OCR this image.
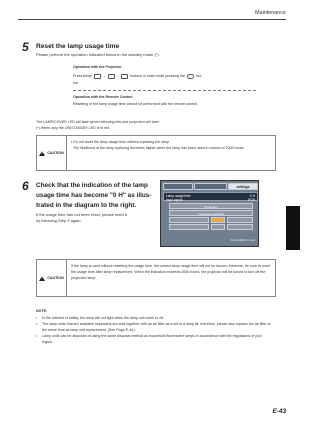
Maintenance
5 Reset the lamp usage time
Please perform the operation indicated below in the standby mode (*).
Operation with the Projector
Press these	→	→	buttons in order while pressing the	but-
ton.
Operation with the Remote Control
Resetting of the lamp usage time cannot be performed with the remote control.
The LAMP/COVER LED will flash green following this and projection will start.
(*) When only the ON/STANDBY LED is lit red.
!
CAUTION
• Do not reset the lamp usage time without replacing the lamp.
The likelihood of the lamp rupturing becomes higher when the lamp has been used in excess of 2000 hours.
6 Check that the indication of the lamp
usage time has become "0 H" as illus-
trated in the diagram to the right.
If the usage time has not been reset, please reset it
by following Step 5 again.
settings
Lamp usage time	0 H
Input signal	RGB
Projection
Language selection
Press MENU to quit
!
CAUTION
If the lamp is used without resetting the usage time, the correct lamp usage time will not be known; therefore, be sure to reset the usage time after lamp replacement. When the indication exceeds 2000 hours, the projector will be forced to turn off the projection lamp.
NOTE:
•	In the interest of safety, the lamp will not light when the lamp unit cover is off.
•	The lamp units that are available separately are sold together with an air filter as a set in a lamp kit; therefore, please also replace the air filter at the same time as lamp unit replacement. (See Page E-44.)
•	Lamp units can be disposed of using the same disposal method as household fluorescent lamps in accordance with the regulations of your region.
E-43
